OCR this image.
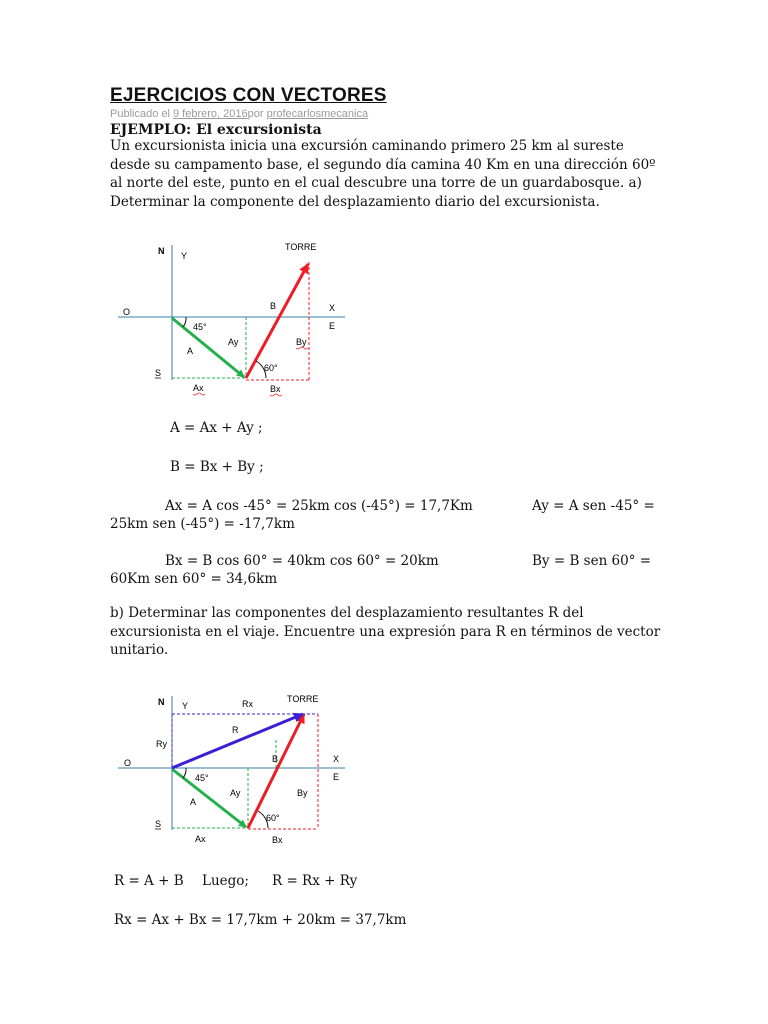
EJERCICIOS CON VECTORES
Publicado el 9 febrero, 2016por profecarlosmecanica
EJEMPLO: El excursionista
Un excursionista inicia una excursión caminando primero 25 km al sureste desde su campamento base, el segundo día camina 40 Km en una dirección 60º al norte del este, punto en el cual descubre una torre de un guardabosque. a) Determinar la componente del desplazamiento diario del excursionista.
N Y
TORRE
O	X
E
B
45°
A
Ay	By
60°
S
Ax	Bx
A = Ax + Ay ;
B = Bx + By ;
Ax = A cos -45° = 25km cos (-45°) = 17,7Km	Ay = A sen -45° =
25km sen (-45°) = -17,7km
Bx = B cos 60° = 40km cos 60° = 20km	By = B sen 60° =
60Km sen 60° = 34,6km
b) Determinar las componentes del desplazamiento resultantes R del excursionista en el viaje. Encuentre una expresión para R en términos de vector unitario.
N Y	Rx	TORRE
Ry
R
O	X
E
B
45°
A
Ay	By
60°
S
Ax	Bx
R = A + B Luego; R = Rx + Ry
Rx = Ax + Bx = 17,7km + 20km = 37,7km
